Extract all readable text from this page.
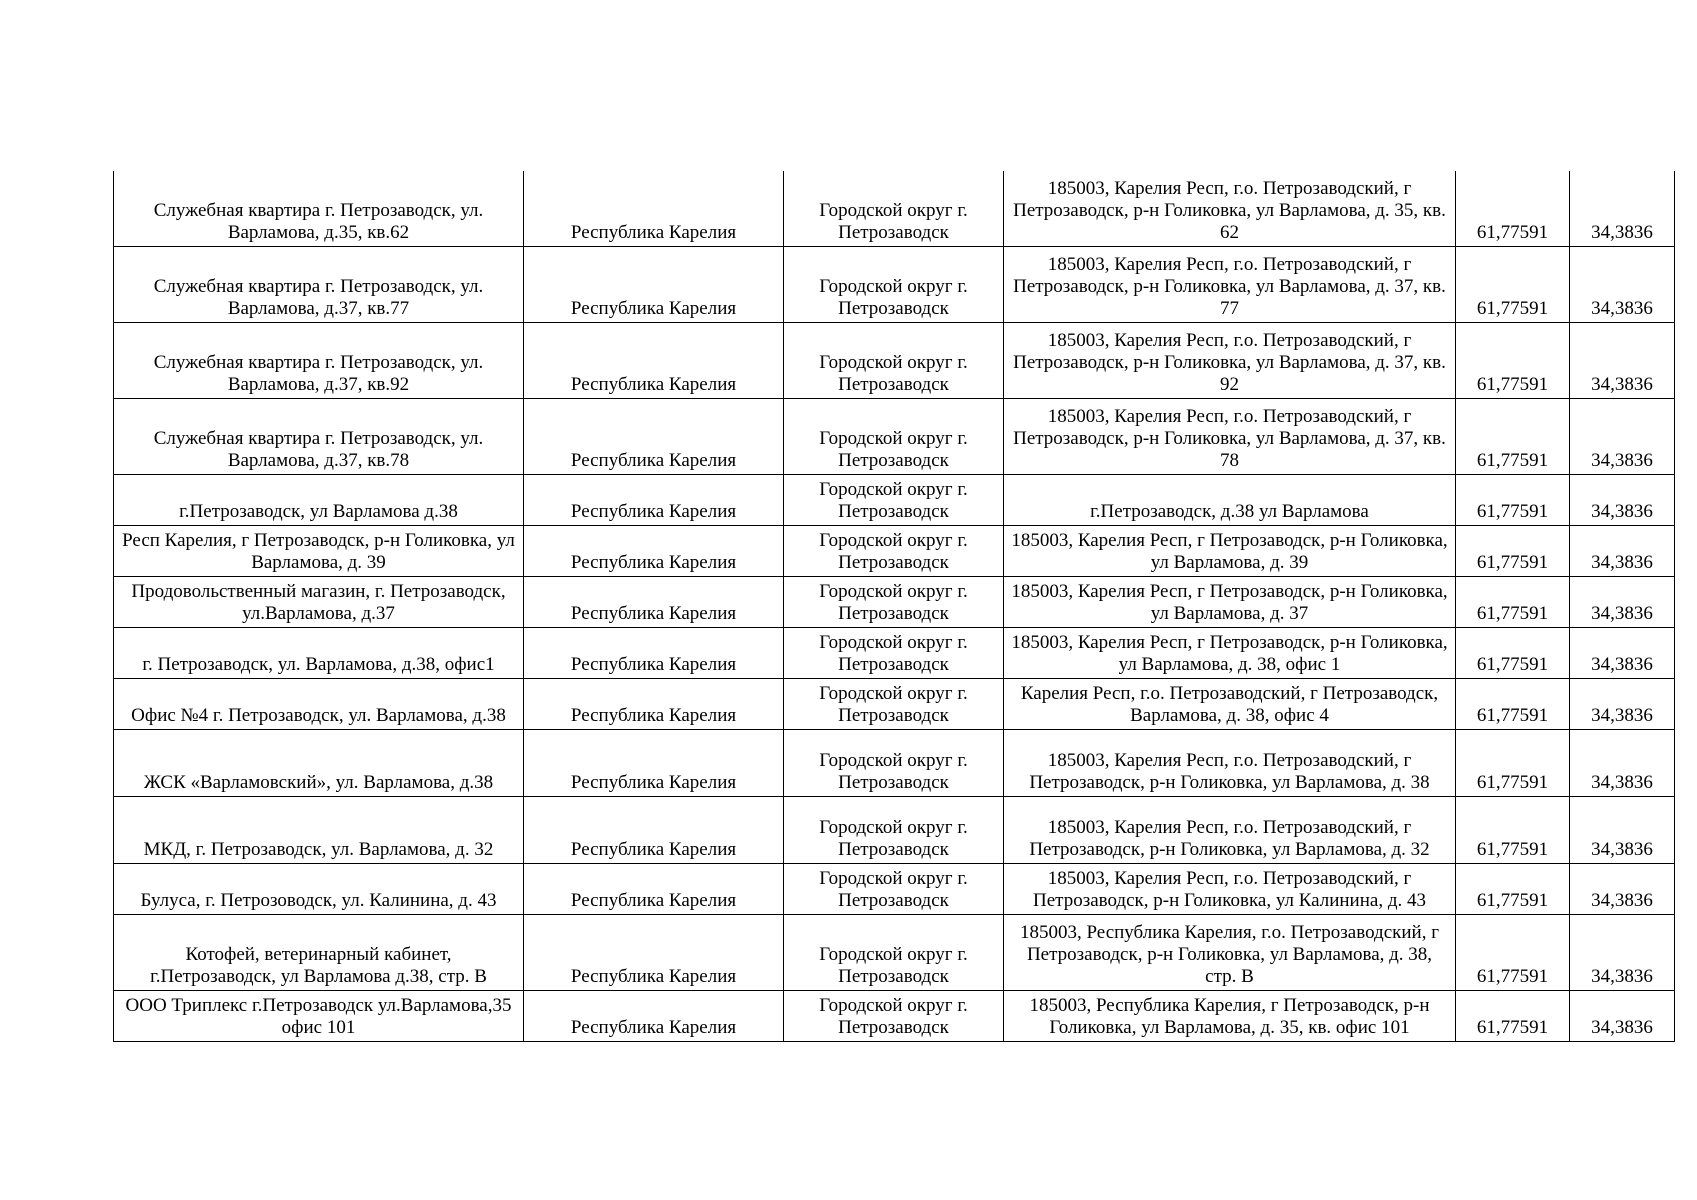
Служебная квартира г. Петрозаводск, ул. Варламова, д.35, кв.62	Республика Карелия	Городской округ г. Петрозаводск	185003, Карелия Респ, г.о. Петрозаводский, г Петрозаводск, р-н Голиковка, ул Варламова, д. 35, кв. 62	61,77591	34,3836
Служебная квартира г. Петрозаводск, ул. Варламова, д.37, кв.77	Республика Карелия	Городской округ г. Петрозаводск	185003, Карелия Респ, г.о. Петрозаводский, г Петрозаводск, р-н Голиковка, ул Варламова, д. 37, кв. 77	61,77591	34,3836
Служебная квартира г. Петрозаводск, ул. Варламова, д.37, кв.92	Республика Карелия	Городской округ г. Петрозаводск	185003, Карелия Респ, г.о. Петрозаводский, г Петрозаводск, р-н Голиковка, ул Варламова, д. 37, кв. 92	61,77591	34,3836
Служебная квартира г. Петрозаводск, ул. Варламова, д.37, кв.78	Республика Карелия	Городской округ г. Петрозаводск	185003, Карелия Респ, г.о. Петрозаводский, г Петрозаводск, р-н Голиковка, ул Варламова, д. 37, кв. 78	61,77591	34,3836
г.Петрозаводск, ул Варламова д.38	Республика Карелия	Городской округ г. Петрозаводск	г.Петрозаводск, д.38 ул Варламова	61,77591	34,3836
Респ Карелия, г Петрозаводск, р-н Голиковка, ул Варламова, д. 39	Республика Карелия	Городской округ г. Петрозаводск	185003, Карелия Респ, г Петрозаводск, р-н Голиковка, ул Варламова, д. 39	61,77591	34,3836
Продовольственный магазин, г. Петрозаводск, ул.Варламова, д.37	Республика Карелия	Городской округ г. Петрозаводск	185003, Карелия Респ, г Петрозаводск, р-н Голиковка, ул Варламова, д. 37	61,77591	34,3836
г. Петрозаводск, ул. Варламова, д.38, офис1	Республика Карелия	Городской округ г. Петрозаводск	185003, Карелия Респ, г Петрозаводск, р-н Голиковка, ул Варламова, д. 38, офис 1	61,77591	34,3836
Офис №4 г. Петрозаводск, ул. Варламова, д.38	Республика Карелия	Городской округ г. Петрозаводск	Карелия Респ, г.о. Петрозаводский, г Петрозаводск, Варламова, д. 38, офис 4	61,77591	34,3836
ЖСК «Варламовский», ул. Варламова, д.38	Республика Карелия	Городской округ г. Петрозаводск	185003, Карелия Респ, г.о. Петрозаводский, г Петрозаводск, р-н Голиковка, ул Варламова, д. 38	61,77591	34,3836
МКД, г. Петрозаводск, ул. Варламова, д. 32	Республика Карелия	Городской округ г. Петрозаводск	185003, Карелия Респ, г.о. Петрозаводский, г Петрозаводск, р-н Голиковка, ул Варламова, д. 32	61,77591	34,3836
Булуса, г. Петрозоводск, ул. Калинина, д. 43	Республика Карелия	Городской округ г. Петрозаводск	185003, Карелия Респ, г.о. Петрозаводский, г Петрозаводск, р-н Голиковка, ул Калинина, д. 43	61,77591	34,3836
Котофей, ветеринарный кабинет, г.Петрозаводск, ул Варламова д.38, стр. В	Республика Карелия	Городской округ г. Петрозаводск	185003, Республика Карелия, г.о. Петрозаводский, г Петрозаводск, р-н Голиковка, ул Варламова, д. 38, стр. В	61,77591	34,3836
ООО Триплекс г.Петрозаводск ул.Варламова,35 офис 101	Республика Карелия	Городской округ г. Петрозаводск	185003, Республика Карелия, г Петрозаводск, р-н Голиковка, ул Варламова, д. 35, кв. офис 101	61,77591	34,3836
